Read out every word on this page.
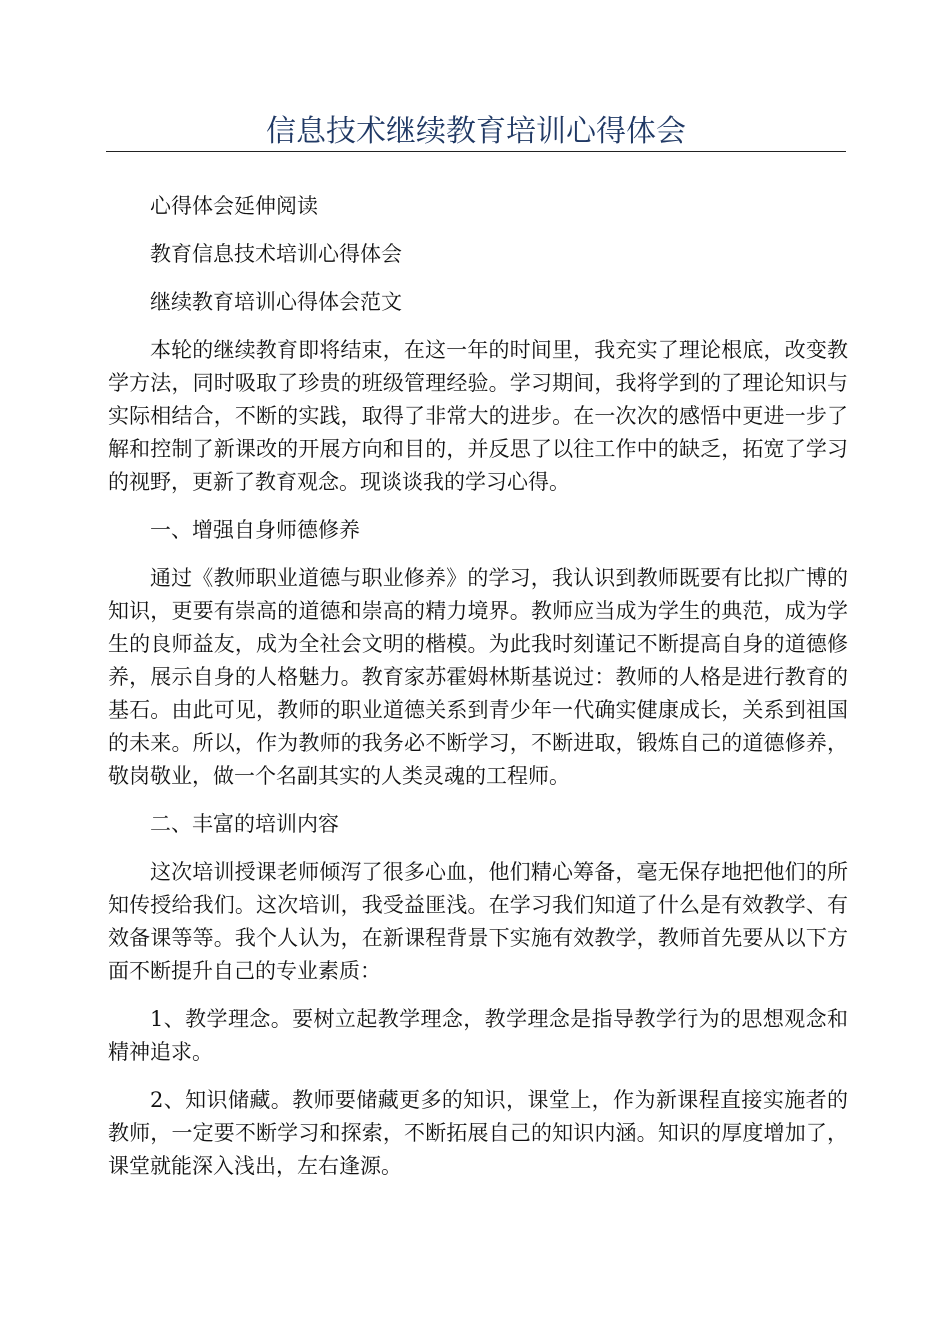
信息技术继续教育培训心得体会

心得体会延伸阅读

教育信息技术培训心得体会

继续教育培训心得体会范文

本轮的继续教育即将结束，在这一年的时间里，我充实了理论根底，改变教学方法，同时吸取了珍贵的班级管理经验。学习期间，我将学到的了理论知识与实际相结合，不断的实践，取得了非常大的进步。在一次次的感悟中更进一步了解和控制了新课改的开展方向和目的，并反思了以往工作中的缺乏，拓宽了学习的视野，更新了教育观念。现谈谈我的学习心得。

一、增强自身师德修养

通过《教师职业道德与职业修养》的学习，我认识到教师既要有比拟广博的知识，更要有崇高的道德和崇高的精力境界。教师应当成为学生的典范，成为学生的良师益友，成为全社会文明的楷模。为此我时刻谨记不断提高自身的道德修养，展示自身的人格魅力。教育家苏霍姆林斯基说过：教师的人格是进行教育的基石。由此可见，教师的职业道德关系到青少年一代确实健康成长，关系到祖国的未来。所以，作为教师的我务必不断学习，不断进取，锻炼自己的道德修养，敬岗敬业，做一个名副其实的人类灵魂的工程师。

二、丰富的培训内容

这次培训授课老师倾泻了很多心血，他们精心筹备，毫无保存地把他们的所知传授给我们。这次培训，我受益匪浅。在学习我们知道了什么是有效教学、有效备课等等。我个人认为，在新课程背景下实施有效教学，教师首先要从以下方面不断提升自己的专业素质：

1、教学理念。要树立起教学理念，教学理念是指导教学行为的思想观念和精神追求。

2、知识储藏。教师要储藏更多的知识，课堂上，作为新课程直接实施者的教师，一定要不断学习和探索，不断拓展自己的知识内涵。知识的厚度增加了，课堂就能深入浅出，左右逢源。
